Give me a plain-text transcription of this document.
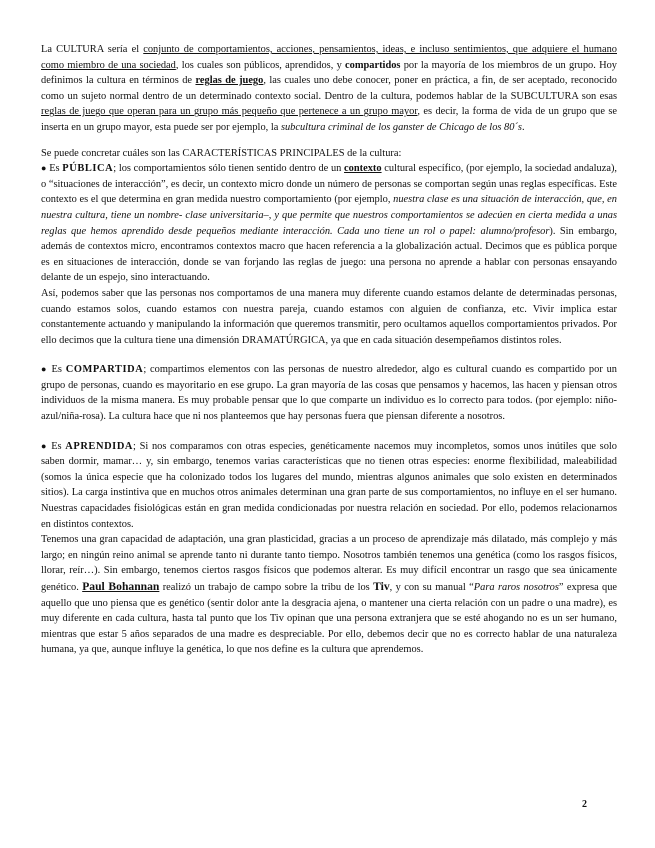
La CULTURA sería el conjunto de comportamientos, acciones, pensamientos, ideas, e incluso sentimientos, que adquiere el humano como miembro de una sociedad, los cuales son públicos, aprendidos, y compartidos por la mayoría de los miembros de un grupo. Hoy definimos la cultura en términos de reglas de juego, las cuales uno debe conocer, poner en práctica, a fin, de ser aceptado, reconocido como un sujeto normal dentro de un determinado contexto social. Dentro de la cultura, podemos hablar de la SUBCULTURA son esas reglas de juego que operan para un grupo más pequeño que pertenece a un grupo mayor, es decir, la forma de vida de un grupo que se inserta en un grupo mayor, esta puede ser por ejemplo, la subcultura criminal de los ganster de Chicago de los 80´s.

Se puede concretar cuáles son las CARACTERÍSTICAS PRINCIPALES de la cultura:

● Es PÚBLICA; los comportamientos sólo tienen sentido dentro de un contexto cultural específico, (por ejemplo, la sociedad andaluza), o “situaciones de interacción”, es decir, un contexto micro donde un número de personas se comportan según unas reglas específicas. Este contexto es el que determina en gran medida nuestro comportamiento (por ejemplo, nuestra clase es una situación de interacción, que, en nuestra cultura, tiene un nombre- clase universitaria–, y que permite que nuestros comportamientos se adecúen en cierta medida a unas reglas que hemos aprendido desde pequeños mediante interacción. Cada uno tiene un rol o papel: alumno/profesor). Sin embargo, además de contextos micro, encontramos contextos macro que hacen referencia a la globalización actual. Decimos que es pública porque es en situaciones de interacción, donde se van forjando las reglas de juego: una persona no aprende a hablar con personas ensayando delante de un espejo, sino interactuando.

Así, podemos saber que las personas nos comportamos de una manera muy diferente cuando estamos delante de determinadas personas, cuando estamos solos, cuando estamos con nuestra pareja, cuando estamos con alguien de confianza, etc. Vivir implica estar constantemente actuando y manipulando la información que queremos transmitir, pero ocultamos aquellos comportamientos privados. Por ello decimos que la cultura tiene una dimensión DRAMATÚRGICA, ya que en cada situación desempeñamos distintos roles.

● Es COMPARTIDA; compartimos elementos con las personas de nuestro alrededor, algo es cultural cuando es compartido por un grupo de personas, cuando es mayoritario en ese grupo. La gran mayoría de las cosas que pensamos y hacemos, las hacen y piensan otros individuos de la misma manera. Es muy probable pensar que lo que comparte un individuo es lo correcto para todos. (por ejemplo: niño-azul/niña-rosa). La cultura hace que ni nos planteemos que hay personas fuera que piensan diferente a nosotros.

● Es APRENDIDA; Si nos comparamos con otras especies, genéticamente nacemos muy incompletos, somos unos inútiles que solo saben dormir, mamar… y, sin embargo, tenemos varias características que no tienen otras especies: enorme flexibilidad, maleabilidad (somos la única especie que ha colonizado todos los lugares del mundo, mientras algunos animales que solo existen en determinados sitios). La carga instintiva que en muchos otros animales determinan una gran parte de sus comportamientos, no influye en el ser humano. Nuestras capacidades fisiológicas están en gran medida condicionadas por nuestra relación en sociedad. Por ello, podemos relacionarnos en distintos contextos.

Tenemos una gran capacidad de adaptación, una gran plasticidad, gracias a un proceso de aprendizaje más dilatado, más complejo y más largo; en ningún reino animal se aprende tanto ni durante tanto tiempo. Nosotros también tenemos una genética (como los rasgos físicos, llorar, reír…). Sin embargo, tenemos ciertos rasgos físicos que podemos alterar. Es muy difícil encontrar un rasgo que sea únicamente genético. Paul Bohannan realizó un trabajo de campo sobre la tribu de los Tiv, y con su manual “Para raros nosotros” expresa que aquello que uno piensa que es genético (sentir dolor ante la desgracia ajena, o mantener una cierta relación con un padre o una madre), es muy diferente en cada cultura, hasta tal punto que los Tiv opinan que una persona extranjera que se esté ahogando no es un ser humano, mientras que estar 5 años separados de una madre es despreciable. Por ello, debemos decir que no es correcto hablar de una naturaleza humana, ya que, aunque influye la genética, lo que nos define es la cultura que aprendemos.

2
